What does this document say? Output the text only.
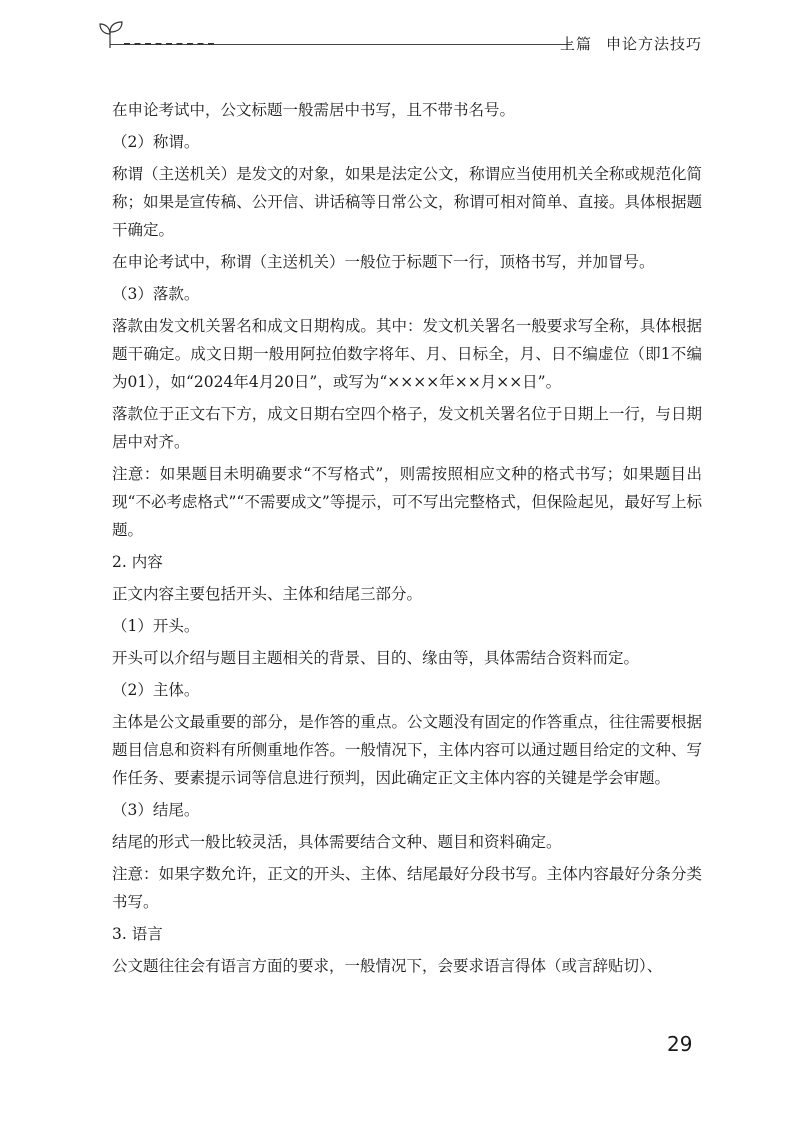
上篇 申论方法技巧

在申论考试中，公文标题一般需居中书写，且不带书名号。

（2）称谓。

称谓（主送机关）是发文的对象，如果是法定公文，称谓应当使用机关全称或规范化简称；如果是宣传稿、公开信、讲话稿等日常公文，称谓可相对简单、直接。具体根据题干确定。

在申论考试中，称谓（主送机关）一般位于标题下一行，顶格书写，并加冒号。

（3）落款。

落款由发文机关署名和成文日期构成。其中：发文机关署名一般要求写全称，具体根据题干确定。成文日期一般用阿拉伯数字将年、月、日标全，月、日不编虚位（即1不编为01），如“2024年4月20日”，或写为“××××年××月××日”。

落款位于正文右下方，成文日期右空四个格子，发文机关署名位于日期上一行，与日期居中对齐。

注意：如果题目未明确要求“不写格式”，则需按照相应文种的格式书写；如果题目出现“不必考虑格式”“不需要成文”等提示，可不写出完整格式，但保险起见，最好写上标题。

2. 内容

正文内容主要包括开头、主体和结尾三部分。

（1）开头。

开头可以介绍与题目主题相关的背景、目的、缘由等，具体需结合资料而定。

（2）主体。

主体是公文最重要的部分，是作答的重点。公文题没有固定的作答重点，往往需要根据题目信息和资料有所侧重地作答。一般情况下，主体内容可以通过题目给定的文种、写作任务、要素提示词等信息进行预判，因此确定正文主体内容的关键是学会审题。

（3）结尾。

结尾的形式一般比较灵活，具体需要结合文种、题目和资料确定。

注意：如果字数允许，正文的开头、主体、结尾最好分段书写。主体内容最好分条分类书写。

3. 语言

公文题往往会有语言方面的要求，一般情况下，会要求语言得体（或言辞贴切）、

29
